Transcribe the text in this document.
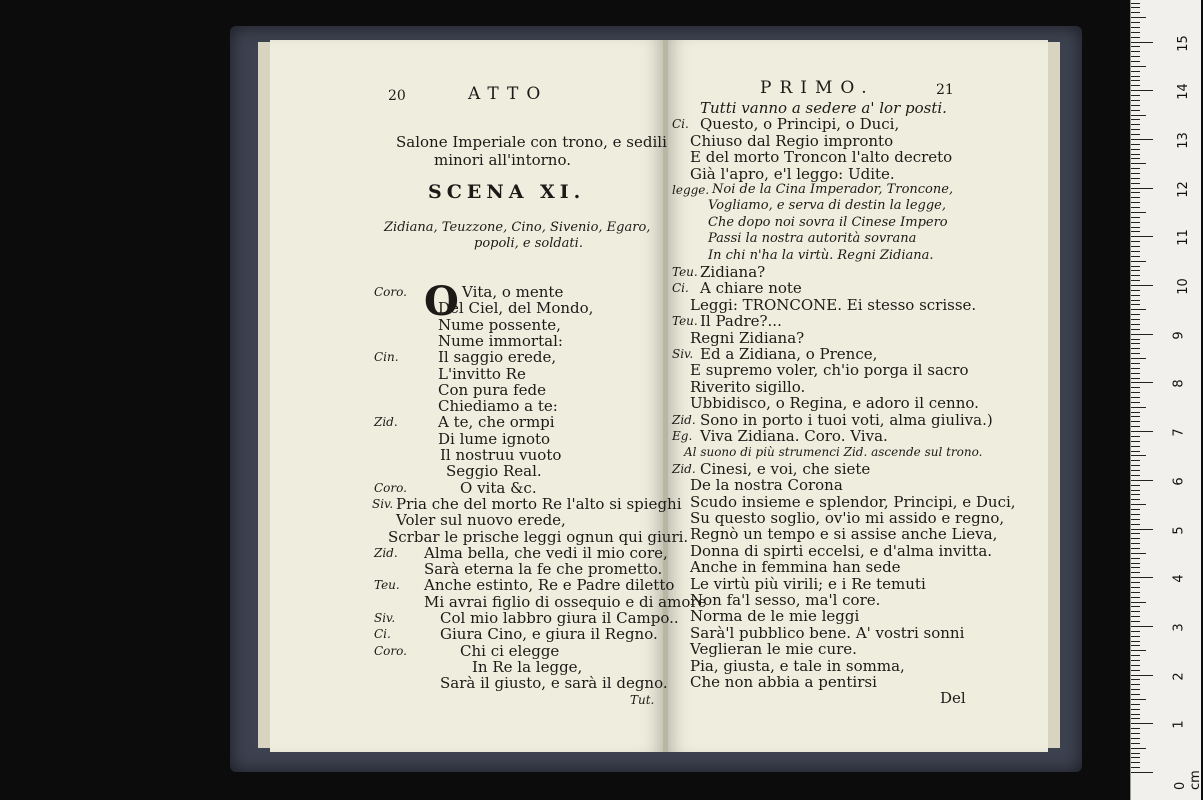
20	ATTO
Salone Imperiale con trono, e sedili
minori all'intorno.
SCENA XI.
Zidiana, Teuzzone, Cino, Sivenio, Egaro,
popoli, e soldati.
O
Coro.	Vita, o mente
Del Ciel, del Mondo,
Nume possente,
Nume immortal:
Cin.	Il saggio erede,
L'invitto Re
Con pura fede
Chiediamo a te:
Zid.	A te, che ormpi
Di lume ignoto
Il nostruu vuoto
Seggio Real.
Coro.	O vita &c.
Siv. Pria che del morto Re l'alto si spieghi
Voler sul nuovo erede,
Scrbar le prische leggi ognun qui giuri.
Zid. Alma bella, che vedi il mio core,
Sarà eterna la fe che prometto.
Teu. Anche estinto, Re e Padre diletto
Mi avrai figlio di ossequio e di amore
Siv.	Col mio labbro giura il Campo..
Ci.	Giura Cino, e giura il Regno.
Coro.	Chi ci elegge
In Re la legge,
Sarà il giusto, e sarà il degno.
Tut.
PRIMO.	21
Tutti vanno a sedere a' lor posti.
Ci. Questo, o Principi, o Duci,
Chiuso dal Regio impronto
E del morto Troncon l'alto decreto
Già l'apro, e'l leggo: Udite.
legge. Noi de la Cina Imperador, Troncone,
Vogliamo, e serva di destin la legge,
Che dopo noi sovra il Cinese Impero
Passi la nostra autorità sovrana
In chi n'ha la virtù. Regni Zidiana.
Teu. Zidiana?
Ci. A chiare note
Leggi: TRONCONE. Ei stesso scrisse.
Teu. Il Padre?...
Regni Zidiana?
Siv. Ed a Zidiana, o Prence,
E supremo voler, ch'io porga il sacro
Riverito sigillo.
Ubbidisco, o Regina, e adoro il cenno.
Zid. Sono in porto i tuoi voti, alma giuliva.)
Eg. Viva Zidiana. Coro. Viva.
Al suono di più strumenci Zid. ascende sul trono.
Zid. Cinesi, e voi, che siete
De la nostra Corona
Scudo insieme e splendor, Principi, e Duci,
Su questo soglio, ov'io mi assido e regno,
Regnò un tempo e si assise anche Lieva,
Donna di spirti eccelsi, e d'alma invitta.
Anche in femmina han sede
Le virtù più virili; e i Re temuti
Non fa'l sesso, ma'l core.
Norma de le mie leggi
Sarà'l pubblico bene. A' vostri sonni
Veglieran le mie cure.
Pia, giusta, e tale in somma,
Che non abbia a pentirsi
Del
1
2
3
4
5
6
7
8
9
10
11
12
13
14
15
0 cm
